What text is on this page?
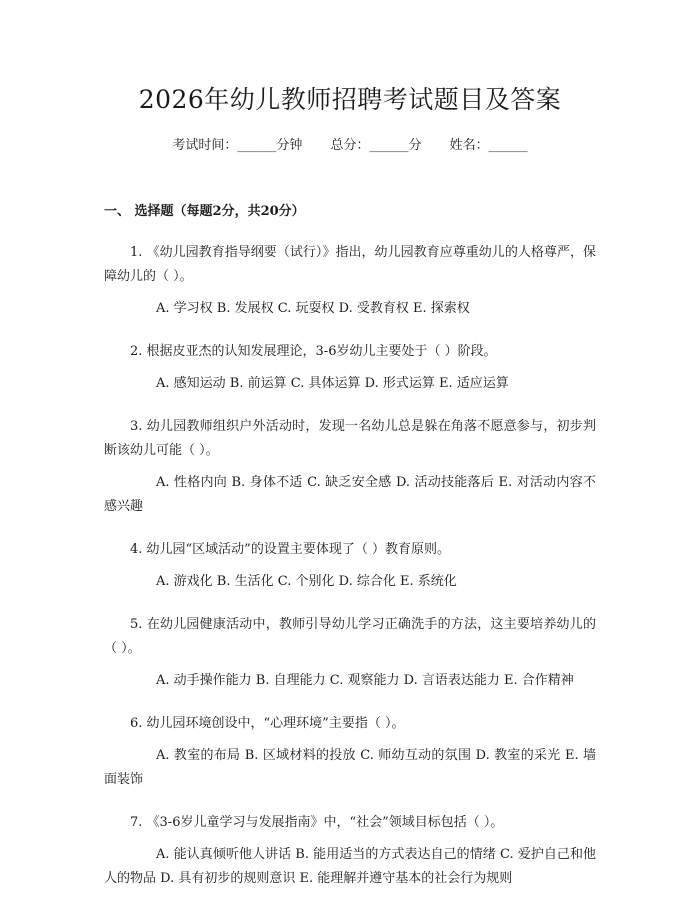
2026年幼儿教师招聘考试题目及答案
考试时间：______分钟 总分：______分 姓名：______
一、 选择题（每题2分，共20分）
1. 《幼儿园教育指导纲要（试行）》指出，幼儿园教育应尊重幼儿的人格尊严，保障幼儿的（ ）。
A. 学习权 B. 发展权 C. 玩耍权 D. 受教育权 E. 探索权
2. 根据皮亚杰的认知发展理论，3-6岁幼儿主要处于（ ）阶段。
A. 感知运动 B. 前运算 C. 具体运算 D. 形式运算 E. 适应运算
3. 幼儿园教师组织户外活动时，发现一名幼儿总是躲在角落不愿意参与，初步判断该幼儿可能（ ）。
A. 性格内向 B. 身体不适 C. 缺乏安全感 D. 活动技能落后 E. 对活动内容不感兴趣
4. 幼儿园“区域活动”的设置主要体现了（ ）教育原则。
A. 游戏化 B. 生活化 C. 个别化 D. 综合化 E. 系统化
5. 在幼儿园健康活动中，教师引导幼儿学习正确洗手的方法，这主要培养幼儿的（ ）。
A. 动手操作能力 B. 自理能力 C. 观察能力 D. 言语表达能力 E. 合作精神
6. 幼儿园环境创设中，“心理环境”主要指（ ）。
A. 教室的布局 B. 区域材料的投放 C. 师幼互动的氛围 D. 教室的采光 E. 墙面装饰
7. 《3-6岁儿童学习与发展指南》中，“社会”领域目标包括（ ）。
A. 能认真倾听他人讲话 B. 能用适当的方式表达自己的情绪 C. 爱护自己和他人的物品 D. 具有初步的规则意识 E. 能理解并遵守基本的社会行为规则
